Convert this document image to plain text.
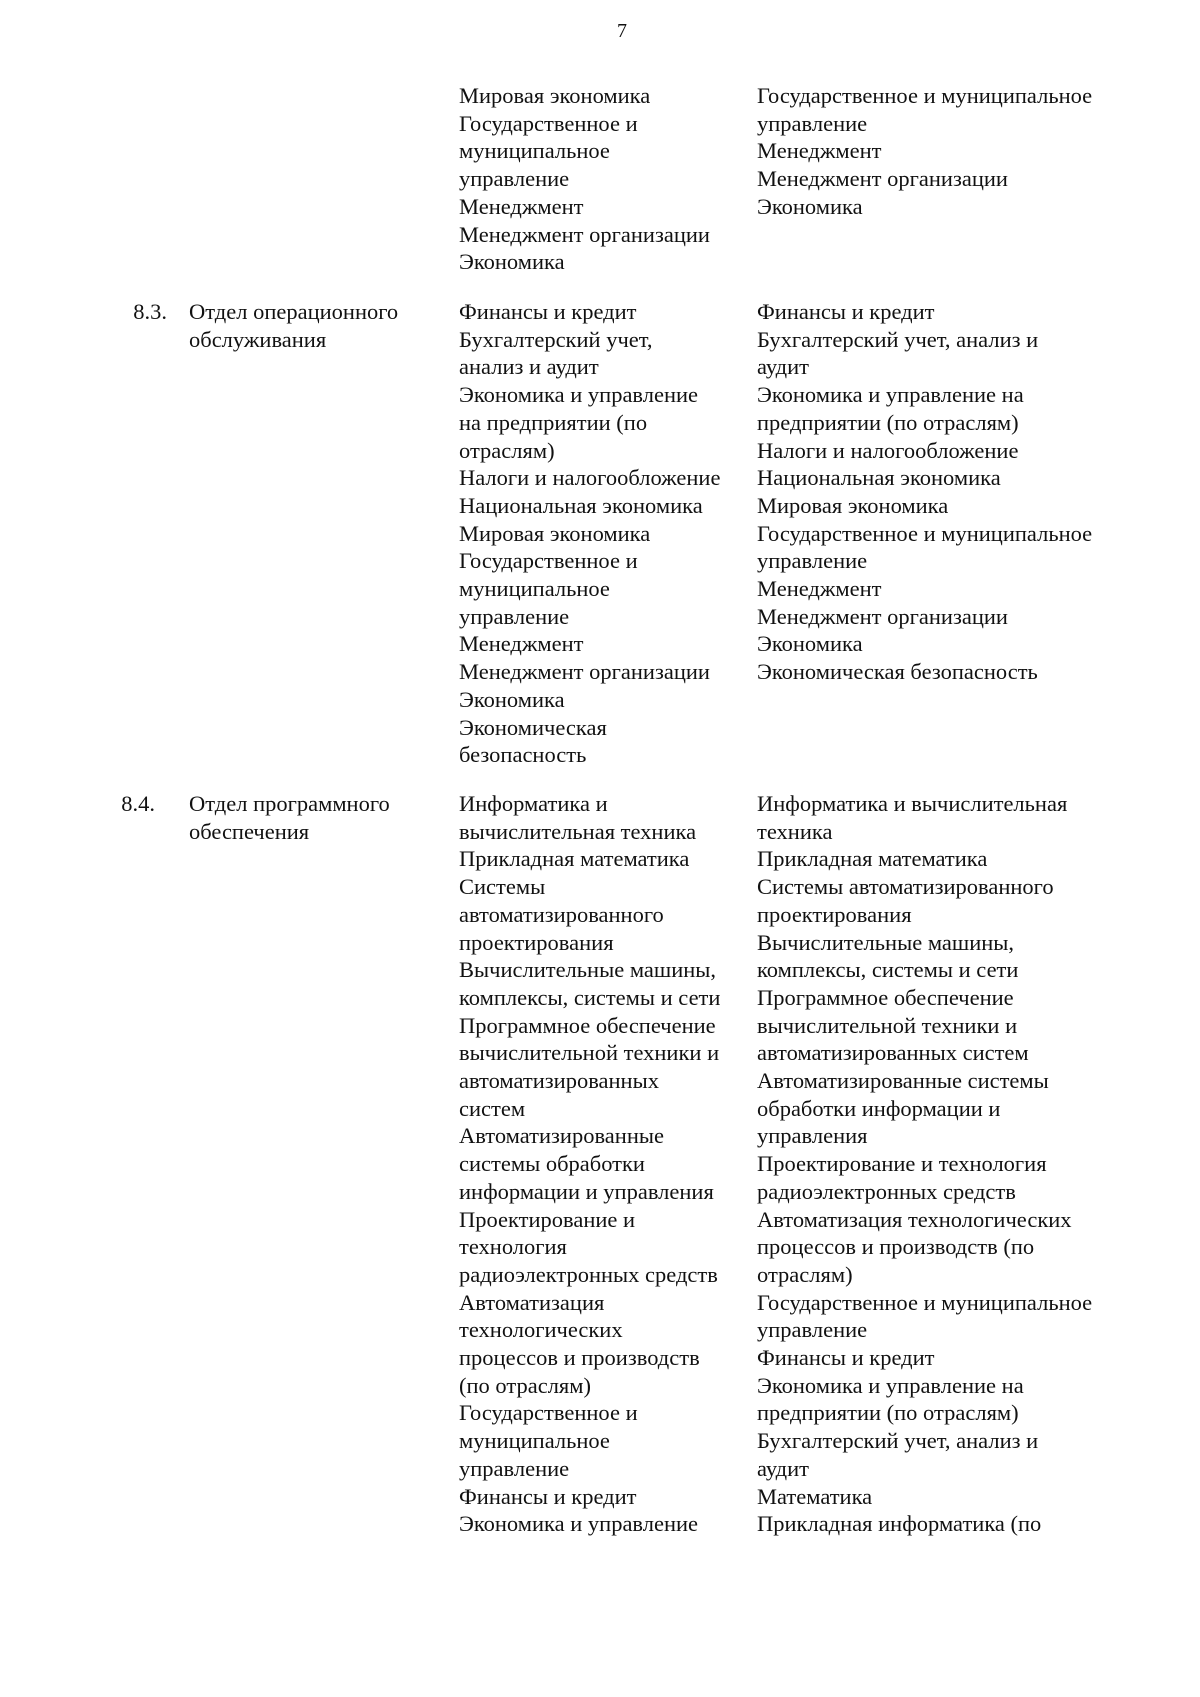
7
Мировая экономика
Государственное и
муниципальное
управление
Менеджмент
Менеджмент организации
Экономика
Государственное и муниципальное
управление
Менеджмент
Менеджмент организации
Экономика
8.3. Отдел операционного
обслуживания
Финансы и кредит
Бухгалтерский учет,
анализ и аудит
Экономика и управление
на предприятии (по
отраслям)
Налоги и налогообложение
Национальная экономика
Мировая экономика
Государственное и
муниципальное
управление
Менеджмент
Менеджмент организации
Экономика
Экономическая
безопасность
Финансы и кредит
Бухгалтерский учет, анализ и
аудит
Экономика и управление на
предприятии (по отраслям)
Налоги и налогообложение
Национальная экономика
Мировая экономика
Государственное и муниципальное
управление
Менеджмент
Менеджмент организации
Экономика
Экономическая безопасность
8.4. Отдел программного
обеспечения
Информатика и
вычислительная техника
Прикладная математика
Системы
автоматизированного
проектирования
Вычислительные машины,
комплексы, системы и сети
Программное обеспечение
вычислительной техники и
автоматизированных
систем
Автоматизированные
системы обработки
информации и управления
Проектирование и
технология
радиоэлектронных средств
Автоматизация
технологических
процессов и производств
(по отраслям)
Государственное и
муниципальное
управление
Финансы и кредит
Экономика и управление
Информатика и вычислительная
техника
Прикладная математика
Системы автоматизированного
проектирования
Вычислительные машины,
комплексы, системы и сети
Программное обеспечение
вычислительной техники и
автоматизированных систем
Автоматизированные системы
обработки информации и
управления
Проектирование и технология
радиоэлектронных средств
Автоматизация технологических
процессов и производств (по
отраслям)
Государственное и муниципальное
управление
Финансы и кредит
Экономика и управление на
предприятии (по отраслям)
Бухгалтерский учет, анализ и
аудит
Математика
Прикладная информатика (по
